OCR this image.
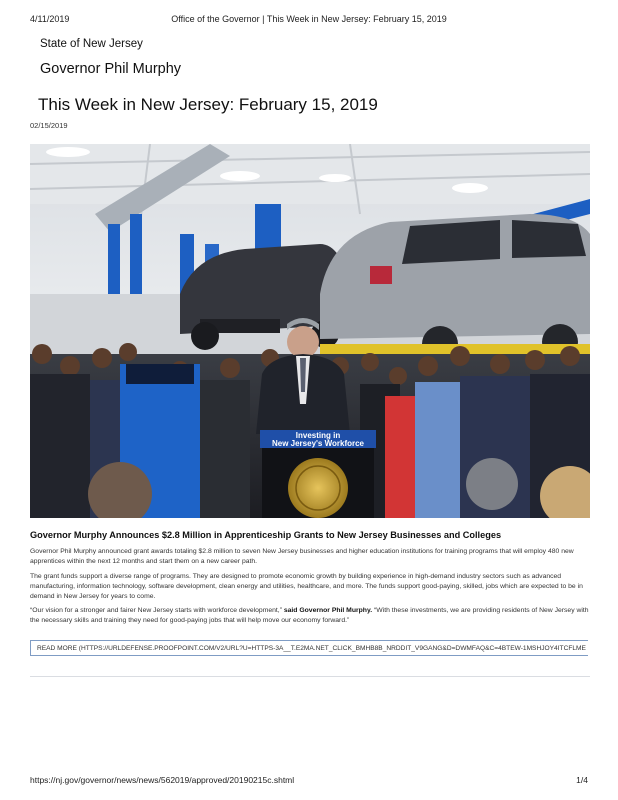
4/11/2019	Office of the Governor | This Week in New Jersey: February 15, 2019
State of New Jersey
Governor Phil Murphy
This Week in New Jersey: February 15, 2019
02/15/2019
Investing in
New Jersey's Workforce
Governor Murphy Announces $2.8 Million in Apprenticeship Grants to New Jersey Businesses and Colleges
Governor Phil Murphy announced grant awards totaling $2.8 million to seven New Jersey businesses and higher education institutions for training programs that will employ 480 new apprentices within the next 12 months and start them on a new career path.
The grant funds support a diverse range of programs. They are designed to promote economic growth by building experience in high-demand industry sectors such as advanced manufacturing, information technology, software development, clean energy and utilities, healthcare, and more. The funds support good-paying, skilled, jobs which are expected to be in demand in New Jersey for years to come.
“Our vision for a stronger and fairer New Jersey starts with workforce development,” said Governor Phil Murphy. “With these investments, we are providing residents of New Jersey with the necessary skills and training they need for good-paying jobs that will help move our economy forward.”
READ MORE (HTTPS://URLDEFENSE.PROOFPOINT.COM/V2/URL?U=HTTPS-3A__T.E2MA.NET_CLICK_BMHB8B_NRDDIT_V9GANG&D=DWMFAQ&C=4BTEW-1MSHJOY4ITCFLME
https://nj.gov/governor/news/news/562019/approved/20190215c.shtml	1/4
